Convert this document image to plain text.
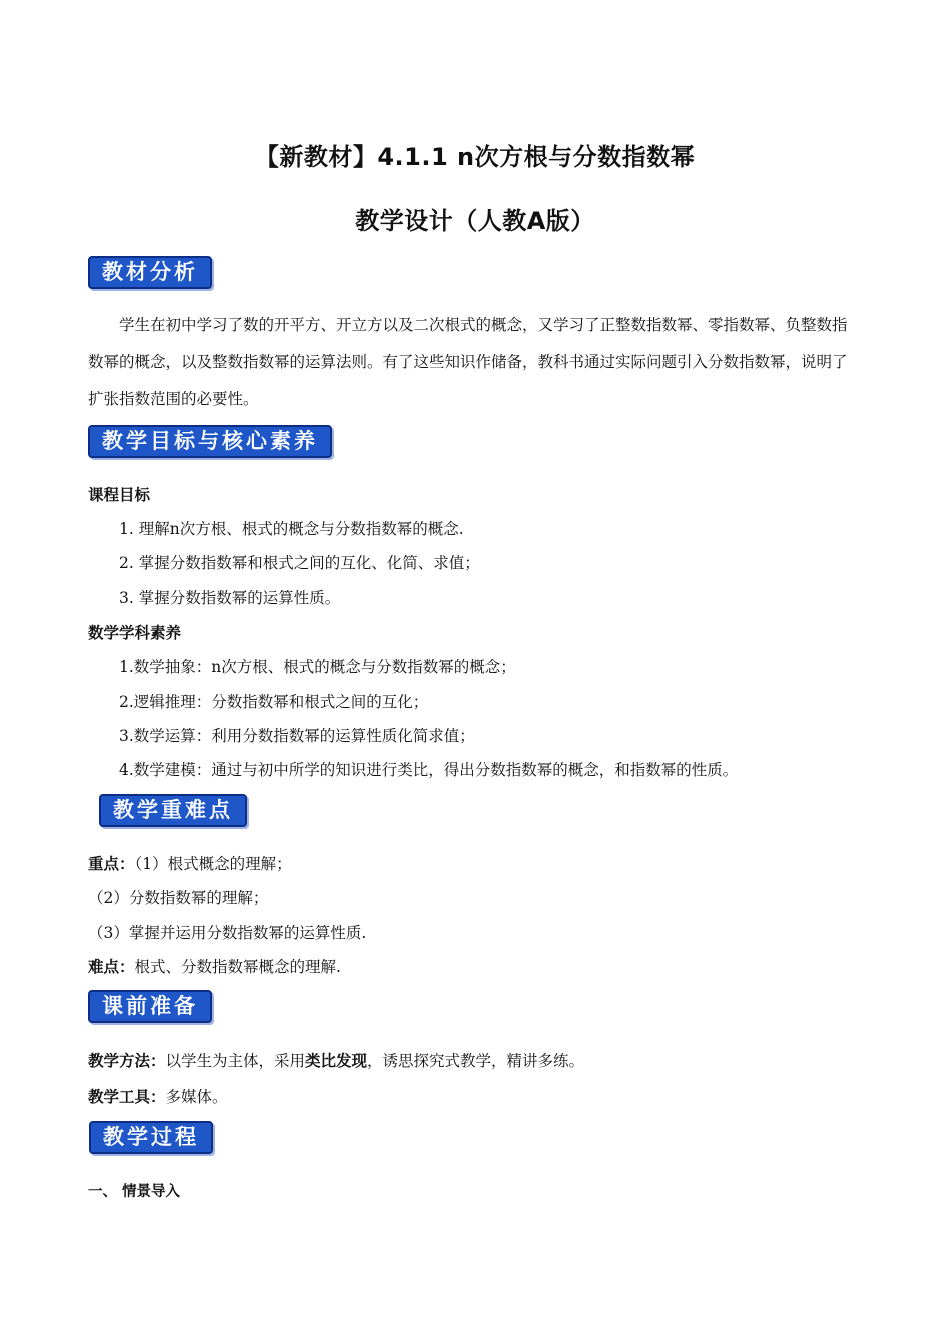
【新教材】4.1.1 n次方根与分数指数幂
教学设计（人教A版）
教材分析

学生在初中学习了数的开平方、开立方以及二次根式的概念，又学习了正整数指数幂、零指数幂、负整数指数幂的概念，以及整数指数幂的运算法则。有了这些知识作储备，教科书通过实际问题引入分数指数幂，说明了扩张指数范围的必要性。

教学目标与核心素养
课程目标
1. 理解n次方根、根式的概念与分数指数幂的概念.
2. 掌握分数指数幂和根式之间的互化、化简、求值；
3. 掌握分数指数幂的运算性质。
数学学科素养
1.数学抽象：n次方根、根式的概念与分数指数幂的概念；
2.逻辑推理：分数指数幂和根式之间的互化；
3.数学运算：利用分数指数幂的运算性质化简求值；
4.数学建模：通过与初中所学的知识进行类比，得出分数指数幂的概念，和指数幂的性质。
教学重难点
重点：（1）根式概念的理解；
（2）分数指数幂的理解；
（3）掌握并运用分数指数幂的运算性质.
难点：根式、分数指数幂概念的理解.
课前准备
教学方法：以学生为主体，采用类比发现，诱思探究式教学，精讲多练。
教学工具：多媒体。
教学过程
一、 情景导入
